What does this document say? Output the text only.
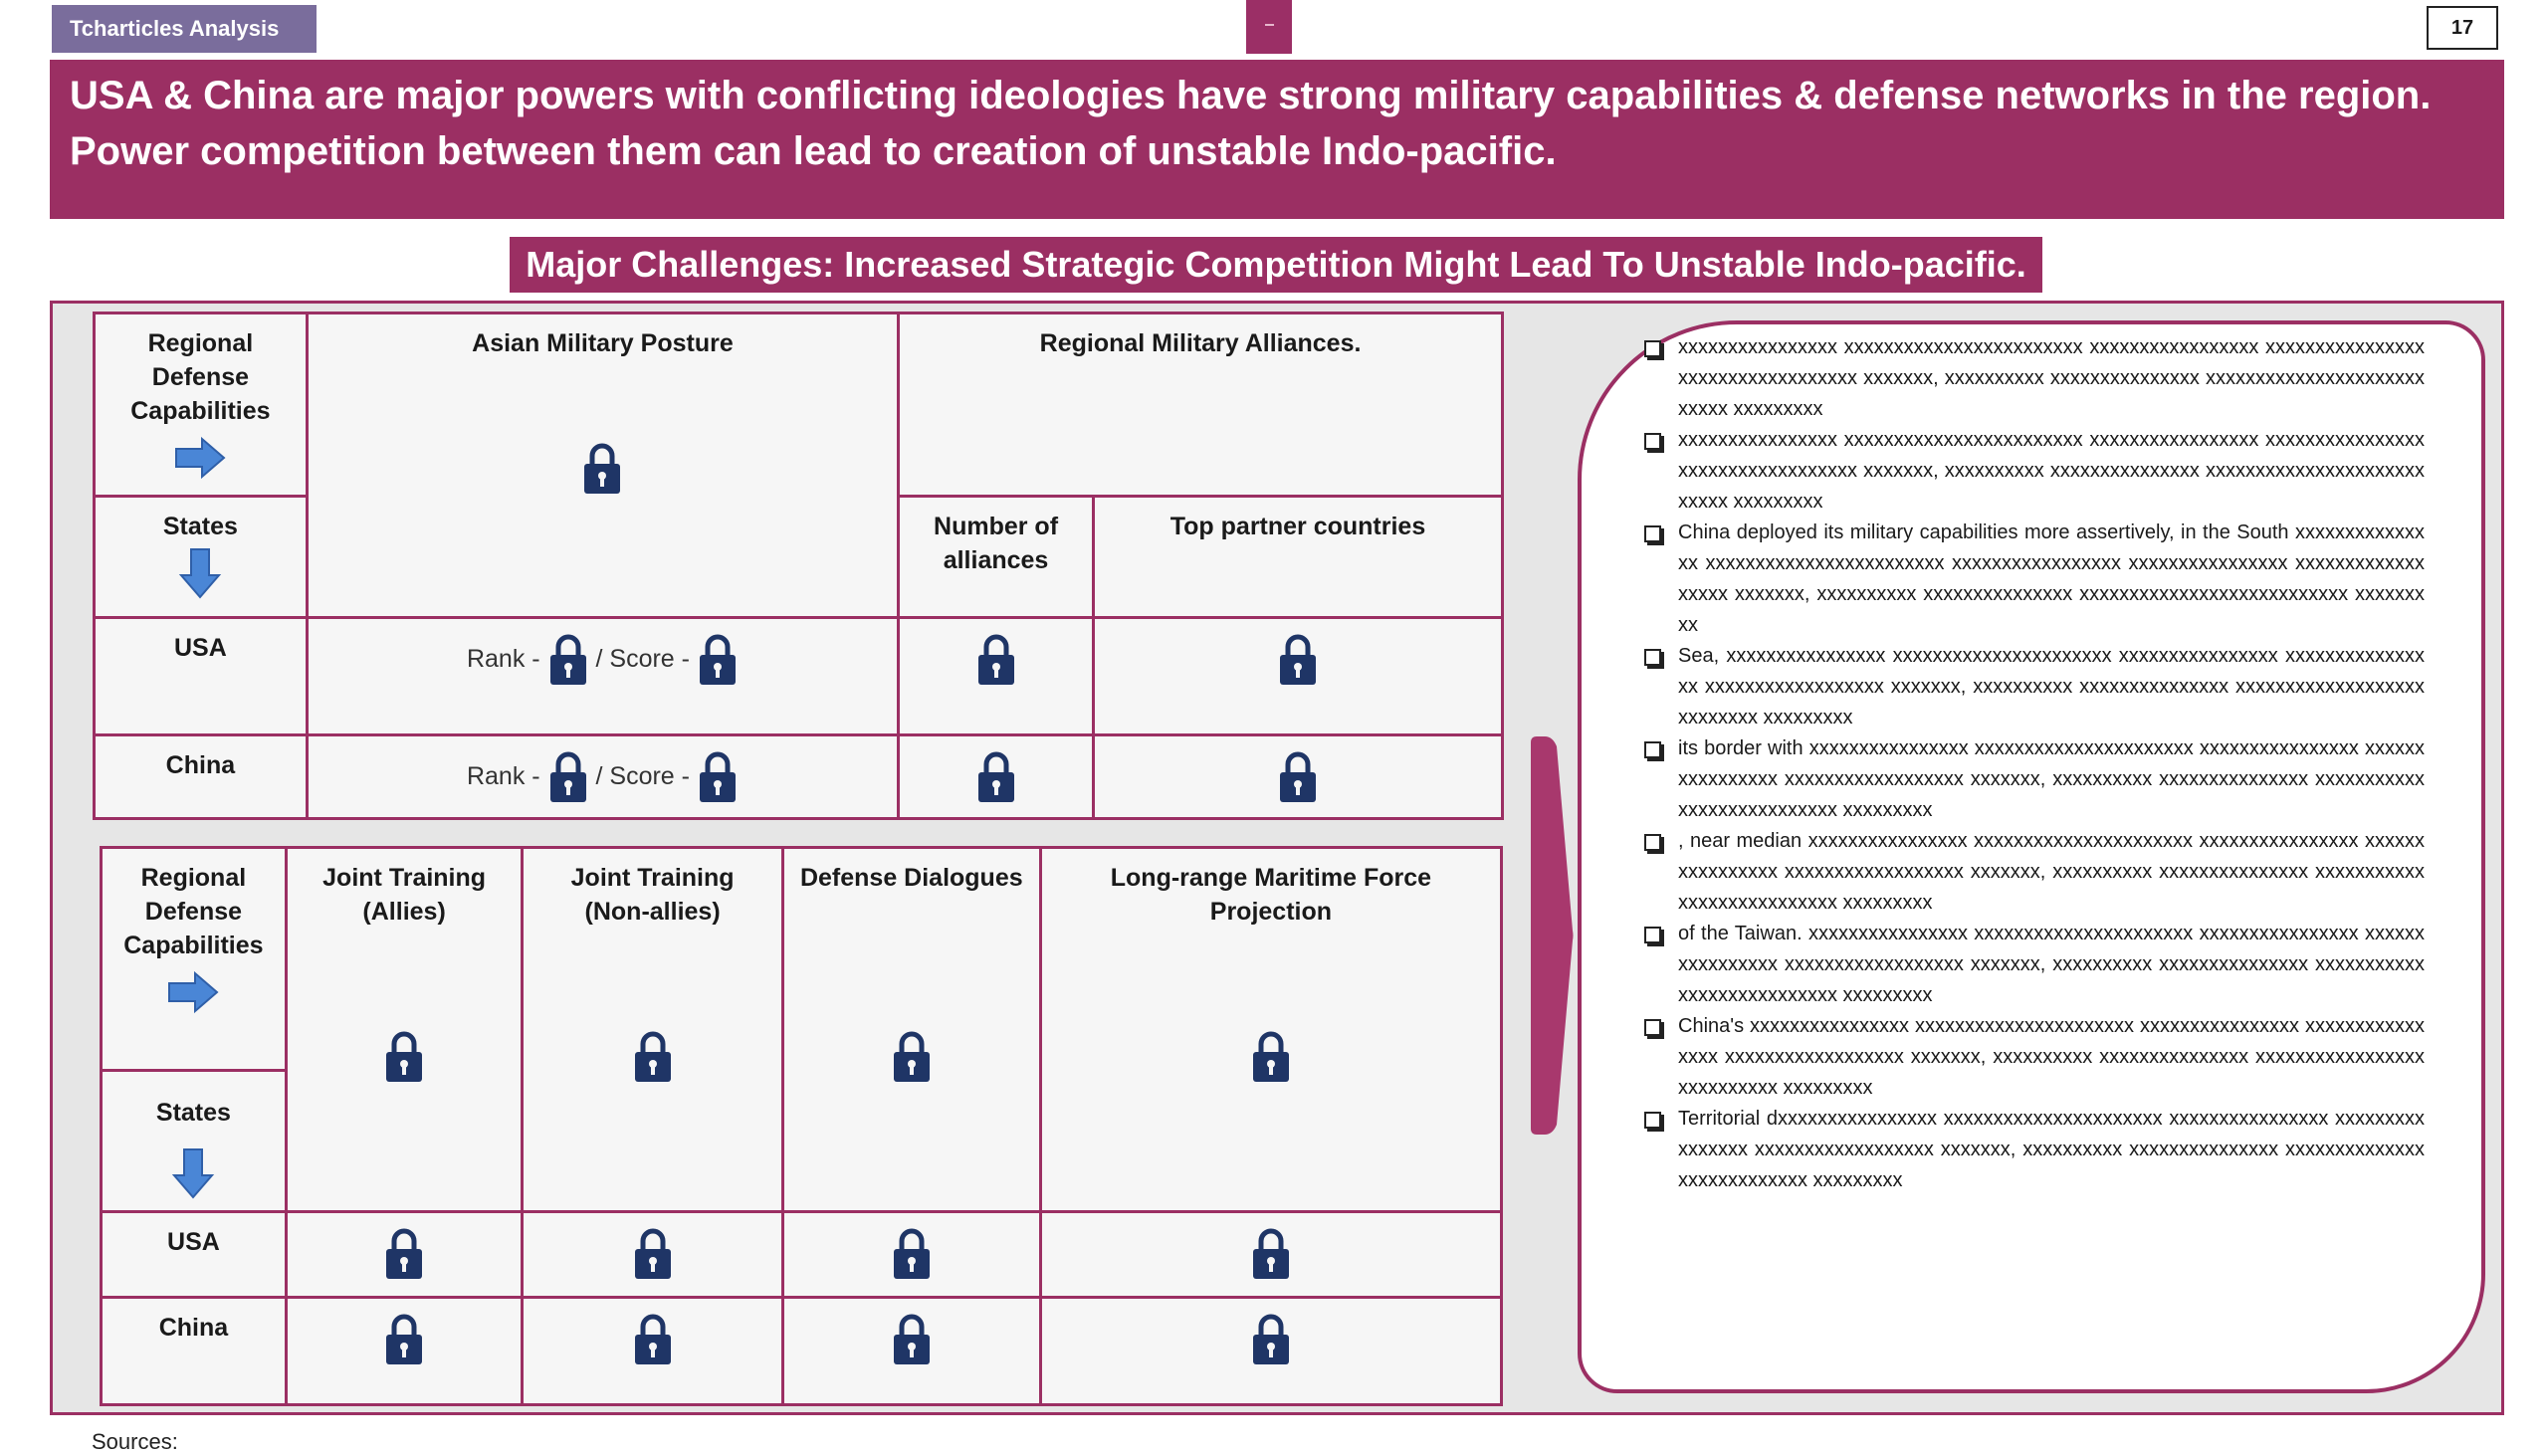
Tcharticles Analysis	17
USA & China are major powers with conflicting ideologies have strong military capabilities & defense networks in the region.
Power competition between them can lead to creation of unstable Indo-pacific.
Major Challenges: Increased Strategic Competition Might Lead To Unstable Indo-pacific.
Regional Defense Capabilities	Asian Military Posture	Regional Military Alliances.	

States		Number of alliances	Top partner countries

USA	Rank - / Score -

China	Rank - / Score -

Regional Defense Capabilities	Joint Training (Allies)	Joint Training (Non-allies)	Defense Dialogues	Long-range Maritime Force Projection

States				

USA

China

xxxxxxxxxxxxxxxx xxxxxxxxxxxxxxxxxxxxxxxx xxxxxxxxxxxxxxxxx xxxxxxxxxxxxxxxx xxxxxxxxxxxxxxxxxx xxxxxxx, xxxxxxxxxx xxxxxxxxxxxxxxx xxxxxxxxxxxxxxxxxxxxxxxxxxx xxxxxxxxx
xxxxxxxxxxxxxxxx xxxxxxxxxxxxxxxxxxxxxxxx xxxxxxxxxxxxxxxxx xxxxxxxxxxxxxxxx xxxxxxxxxxxxxxxxxx xxxxxxx, xxxxxxxxxx xxxxxxxxxxxxxxx xxxxxxxxxxxxxxxxxxxxxxxxxxx xxxxxxxxx
China deployed its military capabilities more assertively, in the South xxxxxxxxxxxxxxx xxxxxxxxxxxxxxxxxxxxxxxx xxxxxxxxxxxxxxxxx xxxxxxxxxxxxxxxx xxxxxxxxxxxxxxxxxx xxxxxxx, xxxxxxxxxx xxxxxxxxxxxxxxx xxxxxxxxxxxxxxxxxxxxxxxxxxx xxxxxxxxx
Sea, xxxxxxxxxxxxxxxx xxxxxxxxxxxxxxxxxxxxxx xxxxxxxxxxxxxxxx xxxxxxxxxxxxxxxx xxxxxxxxxxxxxxxxxx xxxxxxx, xxxxxxxxxx xxxxxxxxxxxxxxx xxxxxxxxxxxxxxxxxxxxxxxxxxx xxxxxxxxx
its border with xxxxxxxxxxxxxxxx xxxxxxxxxxxxxxxxxxxxxx xxxxxxxxxxxxxxxx xxxxxxxxxxxxxxxx xxxxxxxxxxxxxxxxxx xxxxxxx, xxxxxxxxxx xxxxxxxxxxxxxxx xxxxxxxxxxxxxxxxxxxxxxxxxxx xxxxxxxxx
, near median xxxxxxxxxxxxxxxx xxxxxxxxxxxxxxxxxxxxxx xxxxxxxxxxxxxxxx xxxxxxxxxxxxxxxx xxxxxxxxxxxxxxxxxx xxxxxxx, xxxxxxxxxx xxxxxxxxxxxxxxx xxxxxxxxxxxxxxxxxxxxxxxxxxx xxxxxxxxx
of the Taiwan. xxxxxxxxxxxxxxxx xxxxxxxxxxxxxxxxxxxxxx xxxxxxxxxxxxxxxx xxxxxxxxxxxxxxxx xxxxxxxxxxxxxxxxxx xxxxxxx, xxxxxxxxxx xxxxxxxxxxxxxxx xxxxxxxxxxxxxxxxxxxxxxxxxxx xxxxxxxxx
China's xxxxxxxxxxxxxxxx xxxxxxxxxxxxxxxxxxxxxx xxxxxxxxxxxxxxxx xxxxxxxxxxxxxxxx xxxxxxxxxxxxxxxxxx xxxxxxx, xxxxxxxxxx xxxxxxxxxxxxxxx xxxxxxxxxxxxxxxxxxxxxxxxxxx xxxxxxxxx
Territorial dxxxxxxxxxxxxxxxx xxxxxxxxxxxxxxxxxxxxxx xxxxxxxxxxxxxxxx xxxxxxxxxxxxxxxx xxxxxxxxxxxxxxxxxx xxxxxxx, xxxxxxxxxx xxxxxxxxxxxxxxx xxxxxxxxxxxxxxxxxxxxxxxxxxx xxxxxxxxx
Sources:
